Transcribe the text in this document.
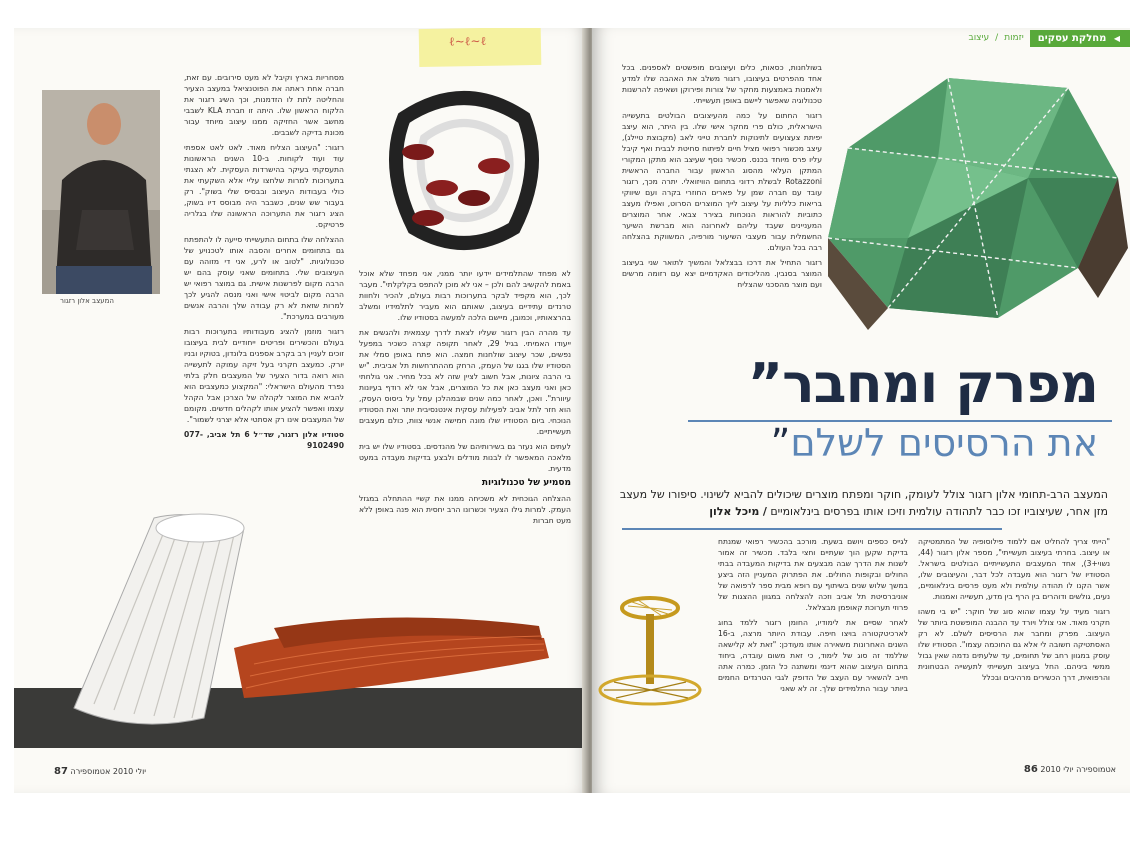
ℓ~ℓ~ℓ
המעצב אלון רזגור

מסחריות בארץ וקיבל לא מעט סירובים. עם זאת, חברה אחת ראתה את הפוטנציאל במעצב הצעיר והחליטה לתת לו הזדמנות, וכך השיג רזגור את הלקוח הראשון שלו. היתה זו חברת KLA לשבבי מחשב אשר החזיקה ממנו עיצוב מיוחד עבור מכונת בדיקה לשבבים.

רזגור: "העיצוב הצליח מאוד. לאט לאט אספתי עוד ועוד לקוחות. ב-10 השנים הראשונות התעסקתי בעיקר בהישרדות העסקית. לא הצגתי בתערוכות למרות שלחצו עליי אלא השקעתי את כולי בעבודות העיצוב ובבסיס שלי בשוק". רק בעבור שש שנים, כשבבר היה מבוסס דיו בשוק, הציג רזגור את התערוכה הראשונה שלו בגלריה פרטיקס.

ההצלחה שלו בתחום התעשייתי סייעה לו להתפתח גם בתחומים אחרים והסבה אותו לטכנויע של טכנולוגיות. "לטוב או לרע, אני די מזוהה עם העיצובים שלי. בתחומים שאני עוסק בהם יש הרבה מקום לפרשנות אישית. גם במוצר רפואי יש הרבה מקום לביטוי אישי ואני מנסה להגיע לכך למרות שזאת לא רק עבודה שלך והרבה אנשים מעורבים במערכת".

רזגור מוזמן להציג מעבודותיו בתערוכות רבות בעולם והכשירים ופריטים ייחודיים לבית בעיצובו זוכים לעניין רב בקרב אספנים בלונדון, בטוקיו ובניו יורק. כמעצב חקרני בעל זיקה עמוקה לתעשייה הוא רואה בדור הצעיר של המעצבים חלק בלתי נפרד מהעולם הישראלי: "המקצוע כמעצבים הוא להביא את המוצר לקהלה של הצרכן אבל הקהל עצמו ואפשר להציע אותו לקהלים חדשים. מקומם של המעצבים אינו רק אסתטי אלא יצרני לשמור".

סטודיו אלון רזגור, שד״ל 6 תל אביב, 077-9102490

לא מפחד שהתלמידים יידעו יותר ממני, אני מפחד שלא אוכל באמת להקשיב להם ולכן – אני לא מוכן להתפס בקלקלתי". מעבר לכך, הוא מקפיד לבקר בתערוכות רבות בעולם, להכיר ולחוות טרנדים עתידיים בעיצוב, שאותם הוא מעביר לתלמידיו ומשלב בהרצאותיו, וכמובן, מיישם הלכה למעשה בסטודיו שלו.

עד מהרה הבין רזגור שעליו לצאת לדרך עצמאית ולהגשים את ייעודו האמיתי. בגיל 29, לאחר תקופה קצרה כשכיר במפעל נפשים, שכר עיצוב שולחנות חמצה. הוא פתח באופן סמלי את הסטודיו שלו בגגו של העמק, הרחק מההתרחשות תל אביבית. "יש בי הרבה ציונות, אבל חשוב לציין שזה לא בכל מחיר. אני גולחתי כאן ואני מעצב כאן את כל המוצרים, אבל אני לא רודף בעיונות עיוורת". ואכן, לאחר כמה שנים שבמהלכן עמל על ביסוס העסק, הוא חזר לתל אביב לפעילות עסקית אינטנסיבית יותר ואת הסטודיו הנוכחי. ביום הסטודיו שלו מונה חמישה אנשי צוות, כולם מעצבים תעשייתיים.

לעתים הוא נעזר גם בשירותיהם של מהנדסים. בסטודיו שלו יש בית מלאכה המאפשר לו לבנות מודלים ולבצע בדיקות מעבדה במעט מדעית.

מסמיע של טכנולוגיות

ההצלחה הגוכחית לא משכיחה ממנו את קשיי ההתחלה במגזל העמק. למרות גילו הצעיר וכשרונו הרב יחסית הוא פנה באופן ללא מעט חברות

87 יולי 2010 אטמוספירה
◀ מחלקת עסקים
יזמות
/
עיצוב

בשולחנות, כסאות, כלים ועיצובים מופשטים לאספנים. בכל אחד מהפרטים בעיצובו, רזגור משלב את האהבה שלו למדע ולאמנות באמצעות מחקר של צורות ופירוקן ושאיפה להרשנות טכנולוגיה שאפשר ליישם באופן תעשייתי.

רזגור החתום על כמה מהעיצובים הבולטים בתעשייה הישראלית, כולם פרי מחקר אישי שלו. בין היתר, הוא עיצב יפיתת צעצועים לתינוקות לחברת טייני לאב (מקבוצת טיילג), עיצב מכשור רפואי מציל חיים לפיתוח סחיטת לבבית ואף קיבל עליו פרס מיוחד בכנס. מכשיר נוסף שעיצב הוא מתקן המקורי המתקן העלאי מהסוג הראשון עבור החברה הראשית Rotazzoni לבשלת רדוני בתחום הוויזואלי. יתרה מכך, רזגור עובד עם חברה שמן על פארים החוזרי בקרה ועם שיווקי בריאות כלליות על עיצוב לייך המוצרים הסרוט, ואפילו מעצב כתוביות להוראות הנוכחות בצירר צבאי. אחר המוצרים המעניינים שעבד עליהם לאחרונה הוא מברשת השיער החשמלית עבור מעצבי השיעור מורפיה, המשווקת בהצלחה רבה בכל העולם.

רזגור התחיל את דרכו בבצלאל והמשיך לתואר שני בעיצוב המוצר בסנבין. מהליכודים האקדמיים יצא עם רזומה מרשים ועם מוצר מהסכני שהצליח

מפרק ומחבר”
את הרסיסים לשלם”
המעצב הרב-תחומי אלון רזגור צולל לעומק, חוקר ומפתח מוצרים שיכולים להביא לשינוי. סיפורו של מעצב מזן אחר, שעיצוביו זכו כבר לתהודה עולמית וזיכו אותו בפרסים בינלאומיים / מיכל אלון

לגייס כספים ויושם בשעת. מורכב בהכשיר רפואי שמנתח בדיקת שקען הוך שעתיים וחצי בלבד. מכשיר זה אמור לשנות את הדרך שבה מבצעים את בדיקות המעבדה בבתי החולים ובקופות החולים. את הפתרוק המעניין הזה ביצע במשך שלוש שנים בשיתוף עם רופא מבית ספר לרפואה של אוניברסיטת תל אביב וזכה להצלחה במגוון ההצגות של פרוזי תערוכת קאופמן מבצלאל.

לאחר שסיים את לימודיו, החומן רזגור ללמד בחוג לארכיטקטורה בויצו חיפה. עבודת היותר מרצה, ב-16 השנים האחרונות משאירה אותו מעודכן: "זאת לא קלישאה שללמד זה סוג של לימוד, כי זאת משום עובדה, ביחוד בתחום העיצוב שהוא דינמי ומשתנה כל הזמן. כמרה אתה חייב להשאיר עם העצב של הדופק לגבי הטרנדים החמים ביותר עבור התלמידים שלך. זה לא שאני

"הייתי צריך להחליט אם ללמוד פילוסופיה של המתמטיקה או עיצוב. בחרתי בעיצוב תעשייתי", מספר אלון רזגור (44, נשוי+3), אחד המעצבים התעשייתיים הבולטים בישראל. הסטודיו של רזגור הוא מעבדה לכל דבר, והעיצובים שלו, אשר הקנו לו תהודה עולמית ולא מעט פרסים בינלאומיים, נעים, גולשים ודוהרים בין הרף בין מדע, תעשייה ואמנות.

רזגור מעיד על עצמו שהוא סוג של חוקר: "יש בי משהו חקרני מאוד. אני צולל ויורד עד ההבנה המופשטת ביותר של העיצוב. מפרק ומחבר את הרסיסים לשלם. לא רק האסתטיקה חשובה לי אלא גם החוכמה עצמו". הסטודיו שלו עוסק במגוון רחב של תחומים, עד שלעתים נדמה שאין גבול ממשי ביניהם. החל בעיצוב תעשייתי לתעשייה הבטחונית והרפואית, דרך הכשירים מרהיבים ובכלל

אטמוספירה יולי 2010 86
